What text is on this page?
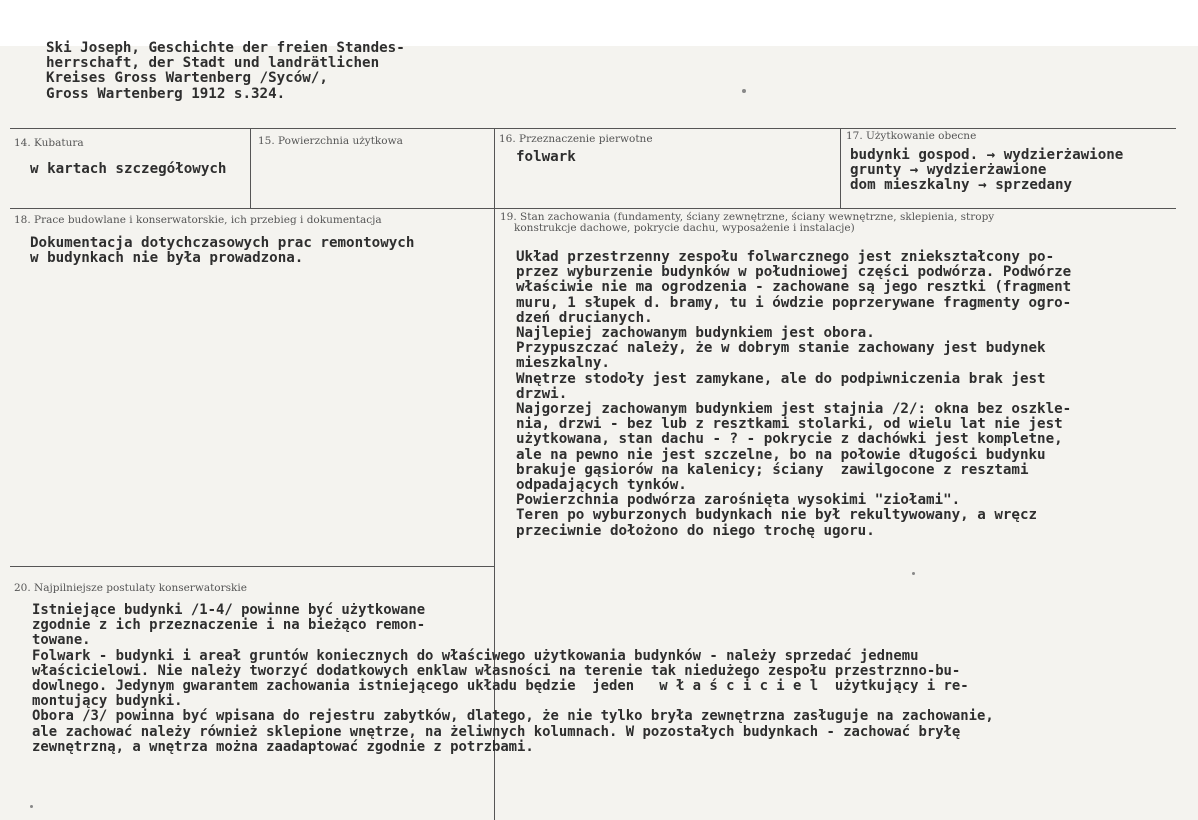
Ski Joseph, Geschichte der freien Standes-
herrschaft, der Stadt und landrätlichen
Kreises Gross Wartenberg /Syców/,
Gross Wartenberg 1912 s.324.
14. Kubatura
w kartach szczegółowych
15. Powierzchnia użytkowa	16. Przeznaczenie pierwotne
folwark
17. Użytkowanie obecne
budynki gospod. → wydzierżawione
grunty → wydzierżawione
dom mieszkalny → sprzedany
18. Prace budowlane i konserwatorskie, ich przebieg i dokumentacja
Dokumentacja dotychczasowych prac remontowych
w budynkach nie była prowadzona.
19. Stan zachowania (fundamenty, ściany zewnętrzne, ściany wewnętrzne, sklepienia, stropy
konstrukcje dachowe, pokrycie dachu, wyposażenie i instalacje)
Układ przestrzenny zespołu folwarcznego jest zniekształcony po-
przez wyburzenie budynków w południowej części podwórza. Podwórze
właściwie nie ma ogrodzenia - zachowane są jego resztki (fragment
muru, 1 słupek d. bramy, tu i ówdzie poprzerywane fragmenty ogro-
dzeń drucianych.
Najlepiej zachowanym budynkiem jest obora.
Przypuszczać należy, że w dobrym stanie zachowany jest budynek
mieszkalny.
Wnętrze stodoły jest zamykane, ale do podpiwniczenia brak jest
drzwi.
Najgorzej zachowanym budynkiem jest stajnia /2/: okna bez oszkle-
nia, drzwi - bez lub z resztkami stolarki, od wielu lat nie jest
użytkowana, stan dachu - ? - pokrycie z dachówki jest kompletne,
ale na pewno nie jest szczelne, bo na połowie długości budynku
brakuje gąsiorów na kalenicy; ściany  zawilgocone z resztami
odpadających tynków.
Powierzchnia podwórza zarośnięta wysokimi "ziołami".
Teren po wyburzonych budynkach nie był rekultywowany, a wręcz
przeciwnie dołożono do niego trochę ugoru.
20. Najpilniejsze postulaty konserwatorskie
Istniejące budynki /1-4/ powinne być użytkowane
zgodnie z ich przeznaczenie i na bieżąco remon-
towane.
Folwark - budynki i areał gruntów koniecznych do właściwego użytkowania budynków - należy sprzedać jednemu
właścicielowi. Nie należy tworzyć dodatkowych enklaw własności na terenie tak niedużego zespołu przestrznno-bu-
dowlnego. Jedynym gwarantem zachowania istniejącego układu będzie  jeden   w ł a ś c i c i e l  użytkujący i re-
montujący budynki.
Obora /3/ powinna być wpisana do rejestru zabytków, dlatego, że nie tylko bryła zewnętrzna zasługuje na zachowanie,
ale zachować należy również sklepione wnętrze, na żeliwnych kolumnach. W pozostałych budynkach - zachować bryłę
zewnętrzną, a wnętrza można zaadaptować zgodnie z potrzbami.
